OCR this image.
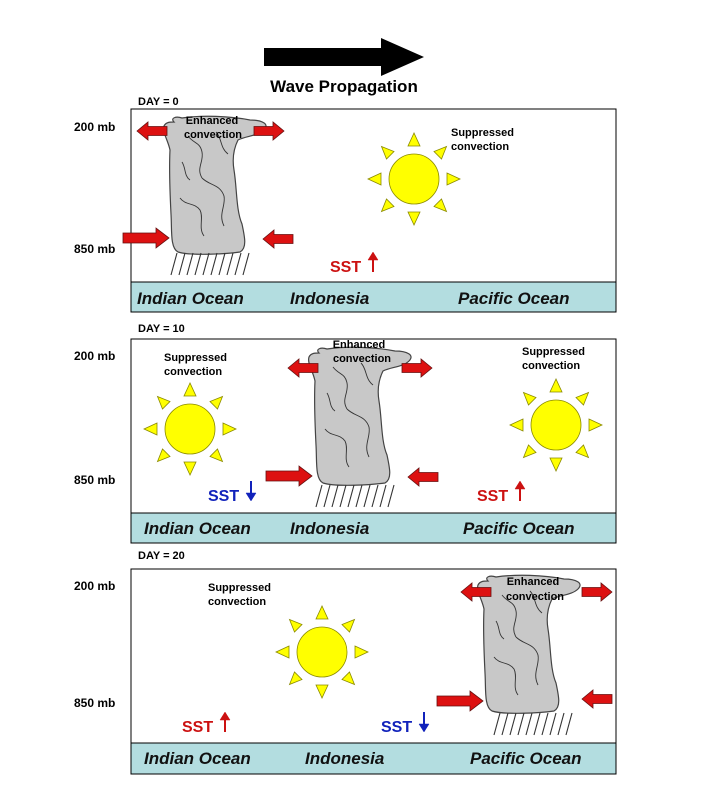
Wave Propagation
DAY = 0
200 mb
850 mb
Enhanced
convection	Suppressed
convection
SST
Indian Ocean	Indonesia	Pacific Ocean
DAY = 10
200 mb
850 mb
Suppressed
convection
Enhanced
convection
Suppressed
convection
SST	SST
Indian Ocean Indonesia	Pacific Ocean
DAY = 20
200 mb
850 mb
Suppressed
convection
Enhanced
convection
SST	SST
Indian Ocean	Indonesia	Pacific Ocean
